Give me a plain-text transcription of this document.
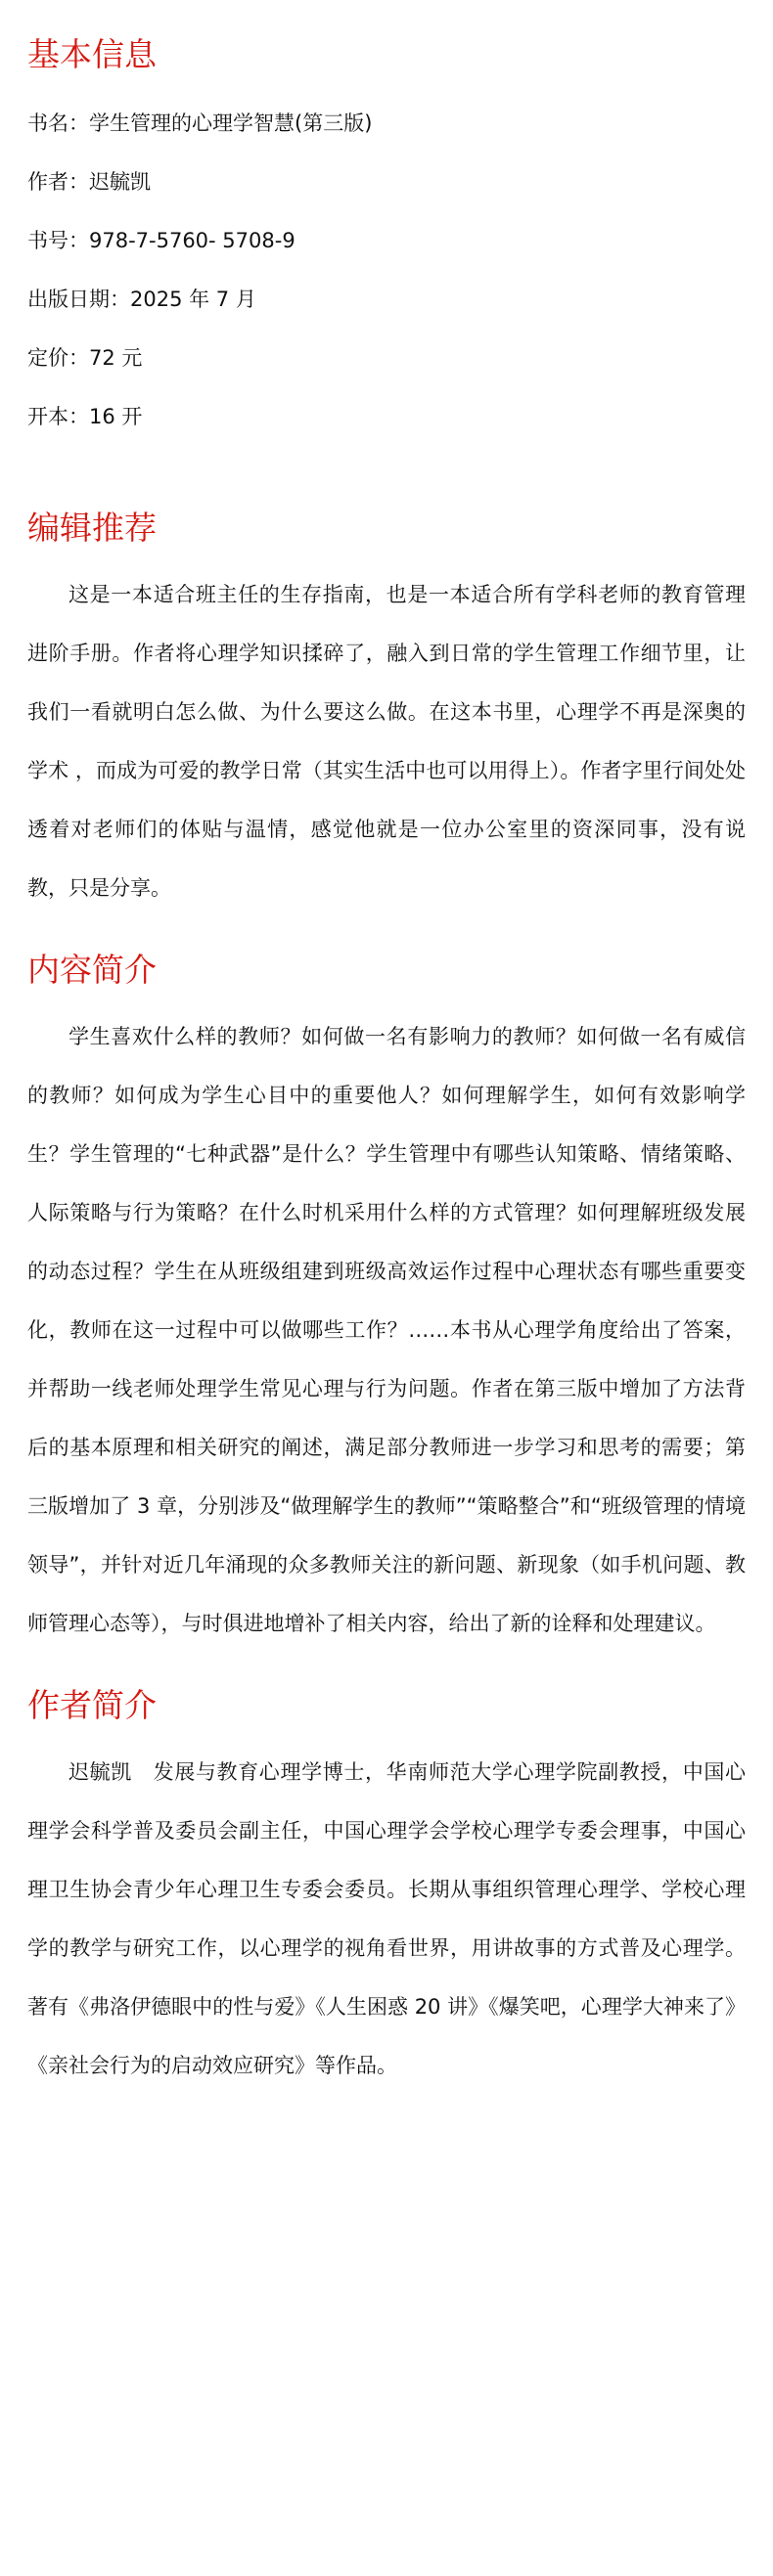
基本信息

书名：学生管理的心理学智慧(第三版)

作者：迟毓凯

书号：978-7-5760- 5708-9

出版日期：2025 年 7 月

定价：72 元

开本：16 开

编辑推荐

这是一本适合班主任的生存指南，也是一本适合所有学科老师的教育管理进阶手册。作者将心理学知识揉碎了，融入到日常的学生管理工作细节里，让我们一看就明白怎么做、为什么要这么做。在这本书里，心理学不再是深奥的学术 ，而成为可爱的教学日常（其实生活中也可以用得上）。作者字里行间处处透着对老师们的体贴与温情，感觉他就是一位办公室里的资深同事，没有说教，只是分享。

内容简介

学生喜欢什么样的教师？如何做一名有影响力的教师？如何做一名有威信的教师？如何成为学生心目中的重要他人？如何理解学生，如何有效影响学生？学生管理的“七种武器”是什么？学生管理中有哪些认知策略、情绪策略、人际策略与行为策略？在什么时机采用什么样的方式管理？如何理解班级发展的动态过程？学生在从班级组建到班级高效运作过程中心理状态有哪些重要变化，教师在这一过程中可以做哪些工作？……本书从心理学角度给出了答案，并帮助一线老师处理学生常见心理与行为问题。作者在第三版中增加了方法背后的基本原理和相关研究的阐述，满足部分教师进一步学习和思考的需要；第三版增加了 3 章，分别涉及“做理解学生的教师”“策略整合”和“班级管理的情境领导”，并针对近几年涌现的众多教师关注的新问题、新现象（如手机问题、教师管理心态等），与时俱进地增补了相关内容，给出了新的诠释和处理建议。

作者简介

迟毓凯　发展与教育心理学博士，华南师范大学心理学院副教授，中国心理学会科学普及委员会副主任，中国心理学会学校心理学专委会理事，中国心理卫生协会青少年心理卫生专委会委员。长期从事组织管理心理学、学校心理学的教学与研究工作，以心理学的视角看世界，用讲故事的方式普及心理学。著有《弗洛伊德眼中的性与爱》《人生困惑 20 讲》《爆笑吧，心理学大神来了》《亲社会行为的启动效应研究》等作品。
